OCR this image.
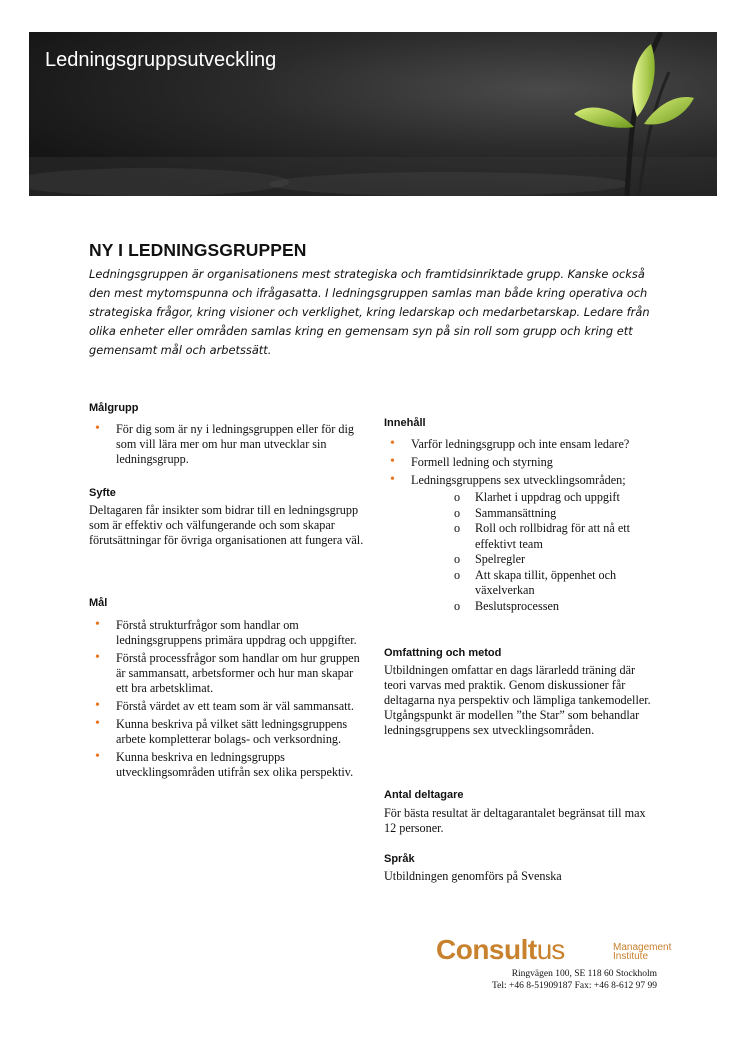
Ledningsgruppsutveckling
NY I LEDNINGSGRUPPEN
Ledningsgruppen är organisationens mest strategiska och framtidsinriktade grupp. Kanske också den mest mytomspunna och ifrågasatta. I ledningsgruppen samlas man både kring operativa och strategiska frågor, kring visioner och verklighet, kring ledarskap och medarbetarskap. Ledare från olika enheter eller områden samlas kring en gemensam syn på sin roll som grupp och kring ett gemensamt mål och arbetssätt.
Målgrupp
• För dig som är ny i ledningsgruppen eller för dig som vill lära mer om hur man utvecklar sin ledningsgrupp.
Syfte
Deltagaren får insikter som bidrar till en ledningsgrupp som är effektiv och välfungerande och som skapar förutsättningar för övriga organisationen att fungera väl.
Mål
• Förstå strukturfrågor som handlar om ledningsgruppens primära uppdrag och uppgifter.
• Förstå processfrågor som handlar om hur gruppen är sammansatt, arbetsformer och hur man skapar ett bra arbetsklimat.
• Förstå värdet av ett team som är väl sammansatt.
• Kunna beskriva på vilket sätt ledningsgruppens arbete kompletterar bolags- och verksordning.
• Kunna beskriva en ledningsgrupps utvecklingsområden utifrån sex olika perspektiv.
Innehåll
• Varför ledningsgrupp och inte ensam ledare?
• Formell ledning och styrning
• Ledningsgruppens sex utvecklingsområden;
o Klarhet i uppdrag och uppgift
o Sammansättning
o Roll och rollbidrag för att nå ett effektivt team
o Spelregler
o Att skapa tillit, öppenhet och växelverkan
o Beslutsprocessen
Omfattning och metod
Utbildningen omfattar en dags lärarledd träning där teori varvas med praktik. Genom diskussioner får deltagarna nya perspektiv och lämpliga tankemodeller. Utgångspunkt är modellen ”the Star” som behandlar ledningsgruppens sex utvecklingsområden.
Antal deltagare
För bästa resultat är deltagarantalet begränsat till max 12 personer.
Språk
Utbildningen genomförs på Svenska
Consultus	Management
Institute
Ringvägen 100, SE 118 60 Stockholm
Tel: +46 8-51909187 Fax: +46 8-612 97 99
